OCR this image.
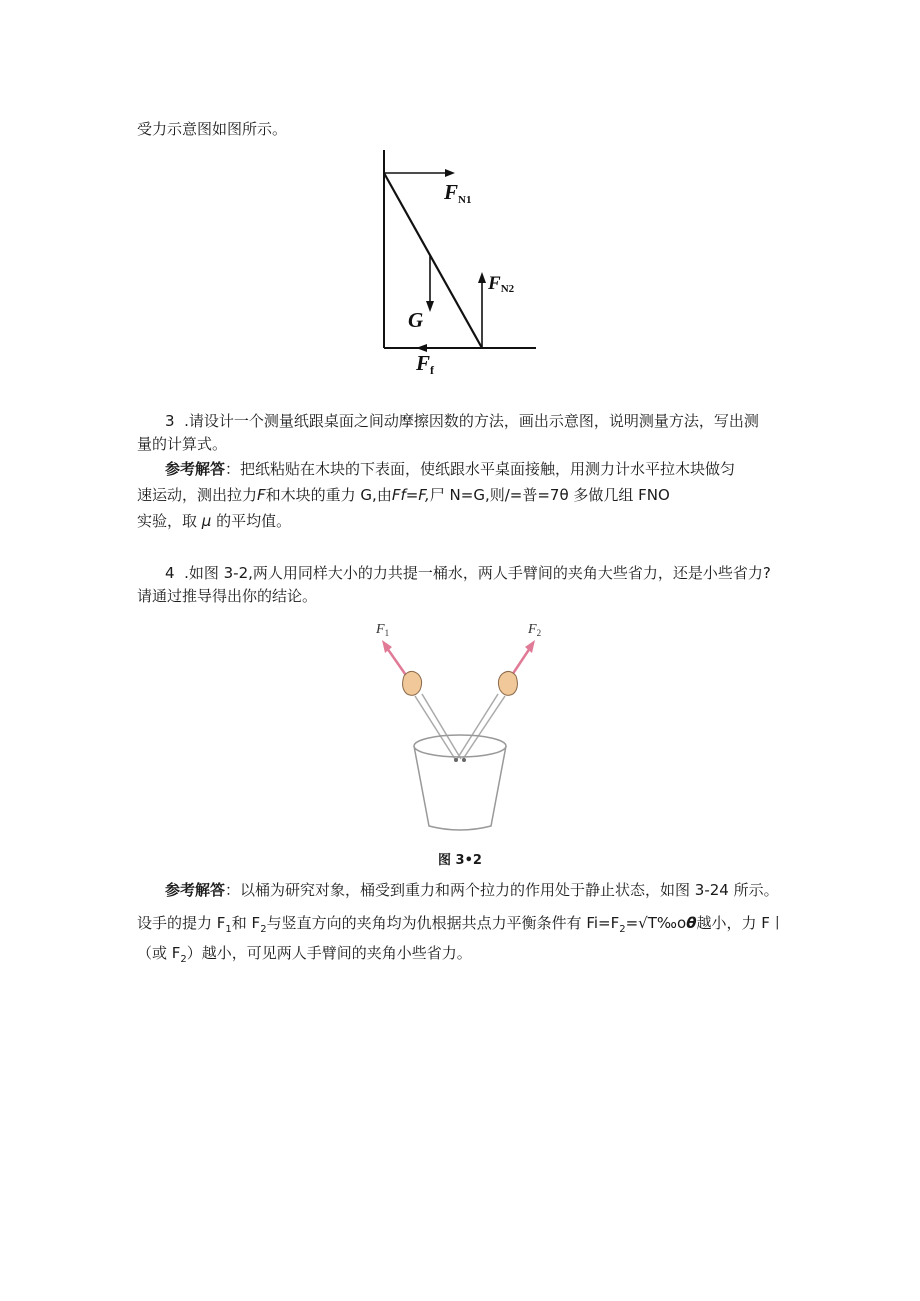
受力示意图如图所示。
FN1
FN2
G
Ff
3 .请设计一个测量纸跟桌面之间动摩擦因数的方法，画出示意图，说明测量方法，写出测
量的计算式。
参考解答：把纸粘贴在木块的下表面，使纸跟水平桌面接触，用测力计水平拉木块做匀
速运动，测出拉力F和木块的重力 G,由Ff=F,尸 N=G,则/=普=7θ 多做几组 FNO
实验，取 μ 的平均值。
4 .如图 3-2,两人用同样大小的力共提一桶水，两人手臂间的夹角大些省力，还是小些省力?
请通过推导得出你的结论。
$F_1$	$F_2$
图 3•2
参考解答：以桶为研究对象，桶受到重力和两个拉力的作用处于静止状态，如图 3-24 所示。
设手的提力 $F_1$和 $F_2$与竖直方向的夹角均为仇根据共点力平衡条件有 $Fi=F_2=√T‰o\theta$越小，力 F丨
（或 $F_2$）越小，可见两人手臂间的夹角小些省力。
